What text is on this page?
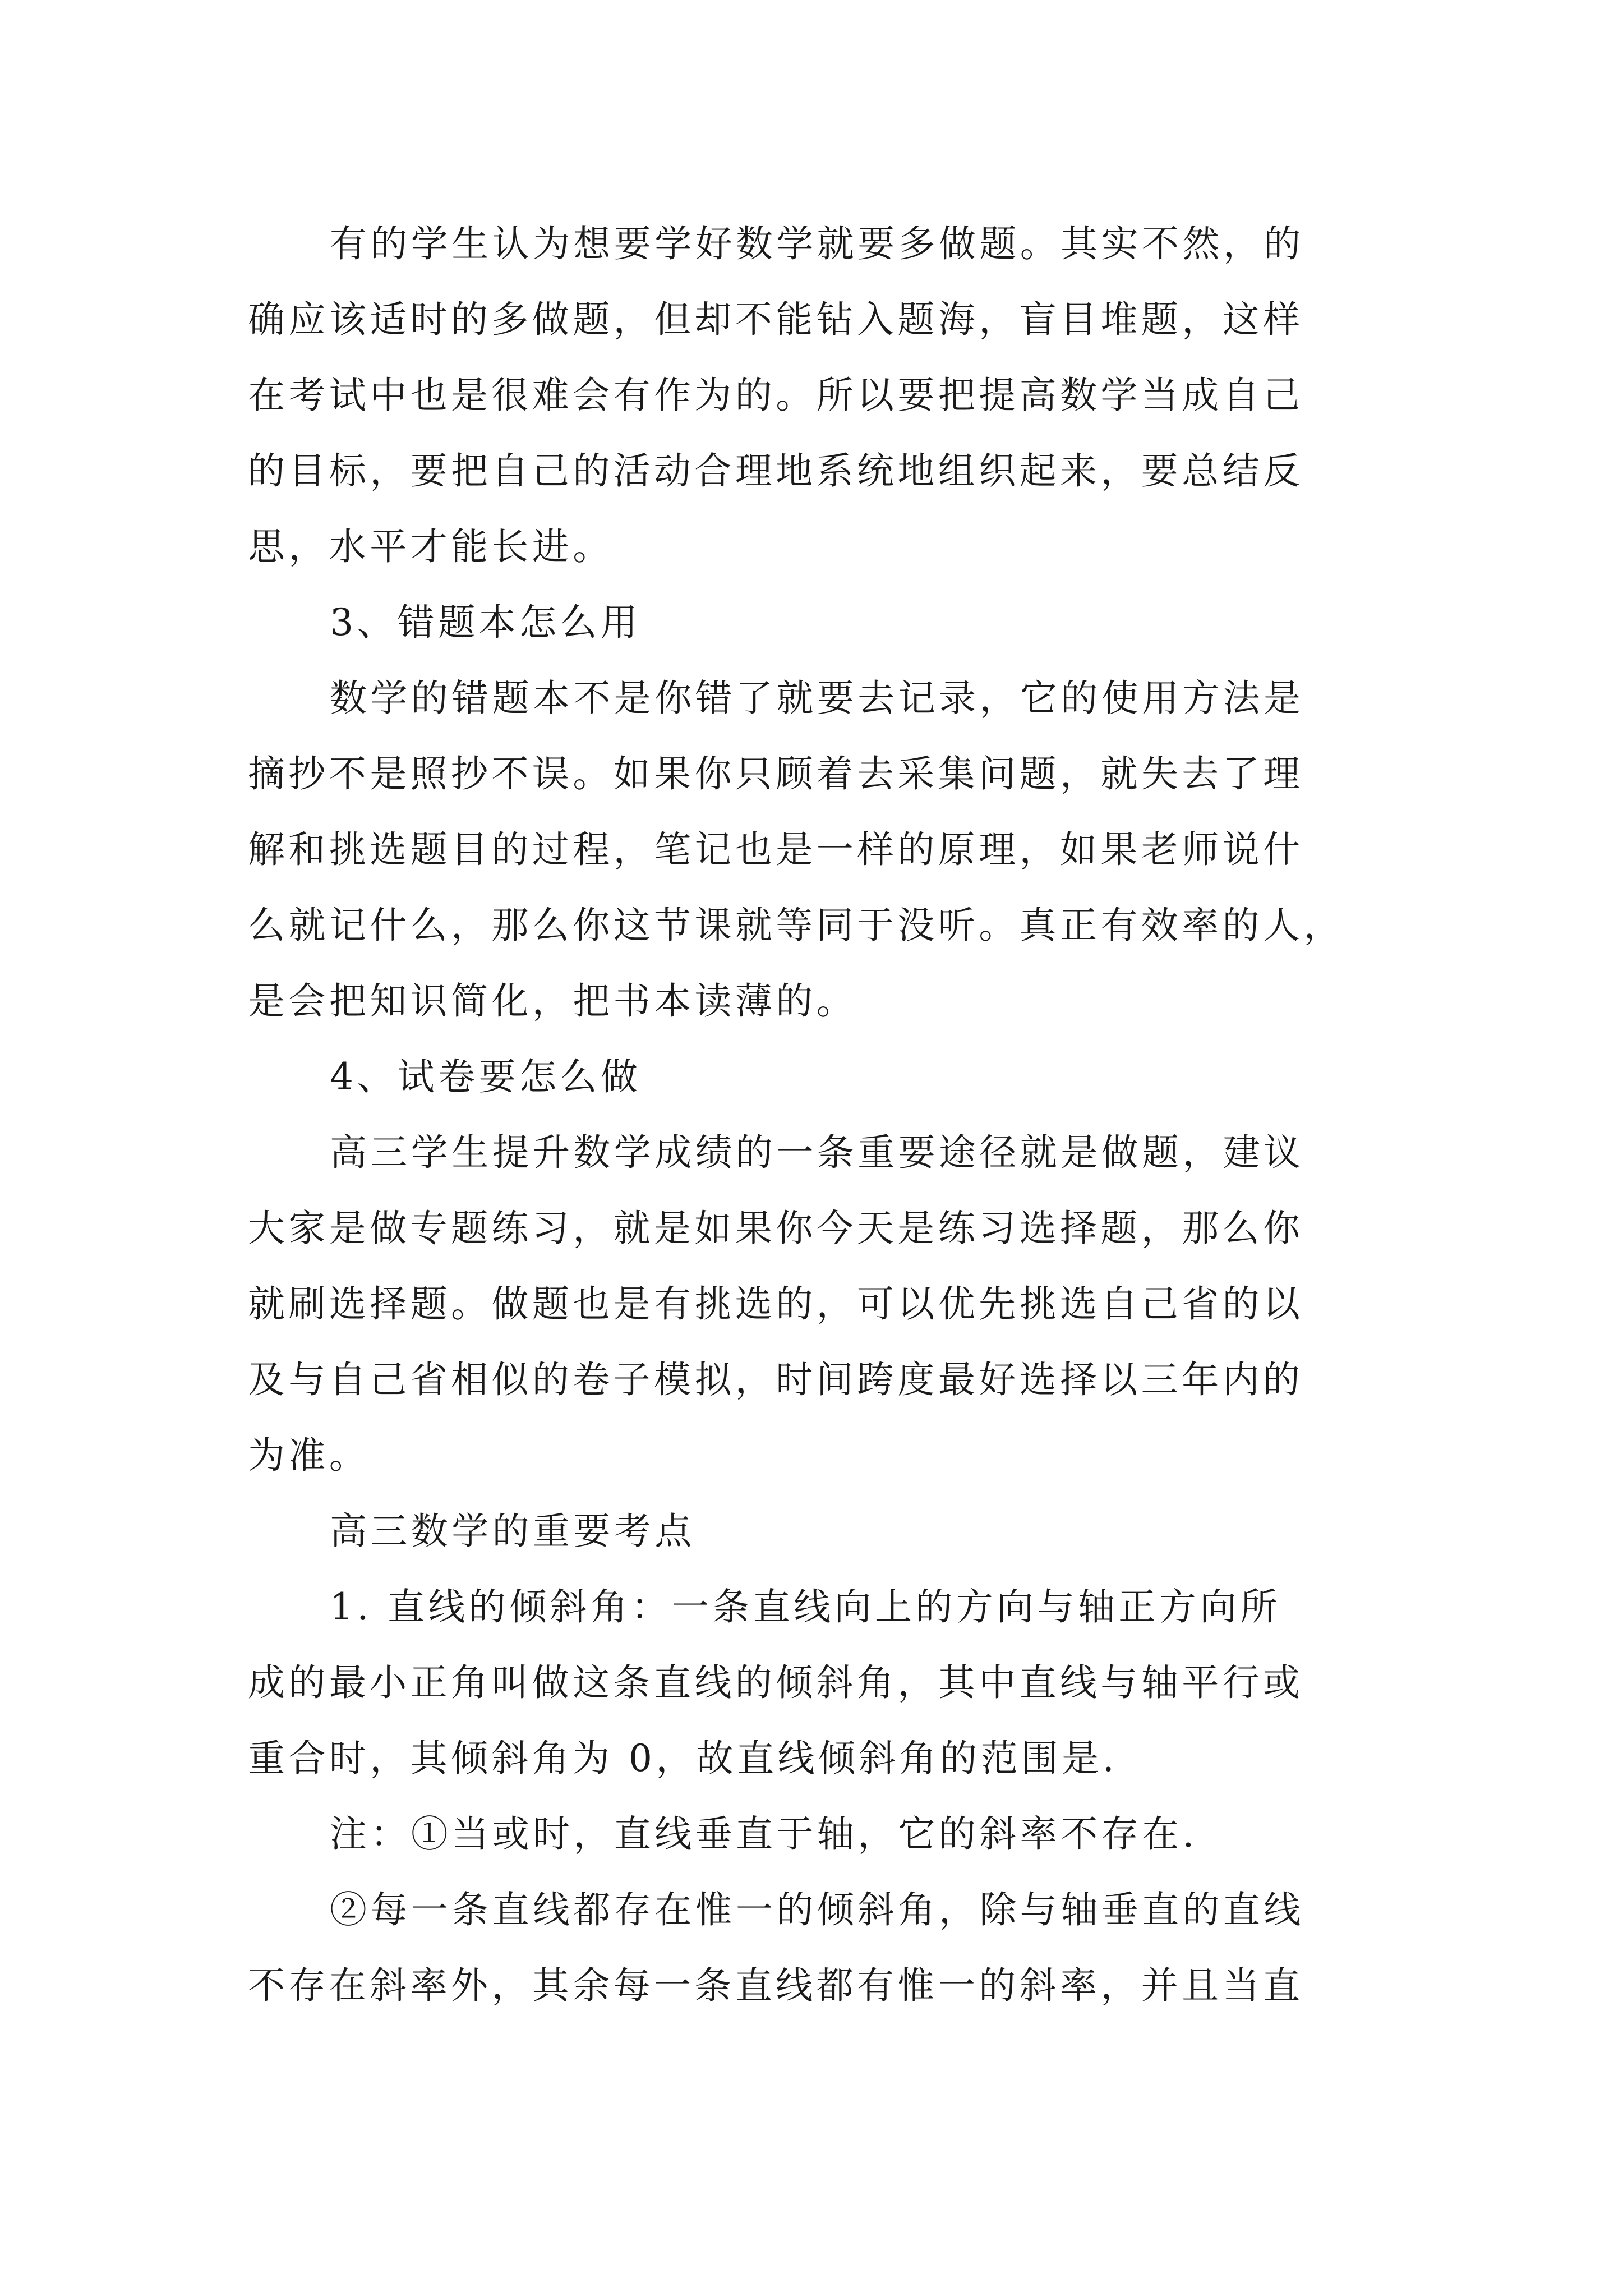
有的学生认为想要学好数学就要多做题。其实不然，的
确应该适时的多做题，但却不能钻入题海，盲目堆题，这样
在考试中也是很难会有作为的。所以要把提高数学当成自己
的目标，要把自己的活动合理地系统地组织起来，要总结反
思，水平才能长进。
3、错题本怎么用
数学的错题本不是你错了就要去记录，它的使用方法是
摘抄不是照抄不误。如果你只顾着去采集问题，就失去了理
解和挑选题目的过程，笔记也是一样的原理，如果老师说什
么就记什么，那么你这节课就等同于没听。真正有效率的人，
是会把知识简化，把书本读薄的。
4、试卷要怎么做
高三学生提升数学成绩的一条重要途径就是做题，建议
大家是做专题练习，就是如果你今天是练习选择题，那么你
就刷选择题。做题也是有挑选的，可以优先挑选自己省的以
及与自己省相似的卷子模拟，时间跨度最好选择以三年内的
为准。
高三数学的重要考点
1. 直线的倾斜角：一条直线向上的方向与轴正方向所
成的最小正角叫做这条直线的倾斜角，其中直线与轴平行或
重合时，其倾斜角为 0，故直线倾斜角的范围是.
注：①当或时，直线垂直于轴，它的斜率不存在.
②每一条直线都存在惟一的倾斜角，除与轴垂直的直线
不存在斜率外，其余每一条直线都有惟一的斜率，并且当直
